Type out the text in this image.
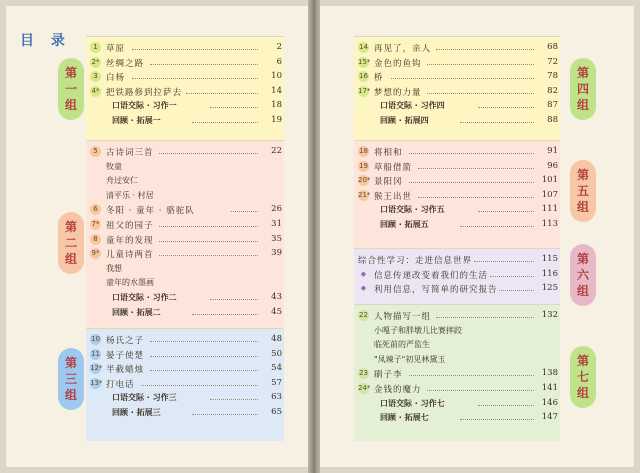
目 录	1 草原	2
2* 丝绸之路	6
3 白杨	10
4* 把铁路修到拉萨去	14
口语交际 · 习作一	18
回顾 · 拓展一	19
第
一
组
5 古诗词三首	22
牧童
舟过安仁
清平乐 · 村居
6 冬阳 · 童年 · 骆驼队	26
7* 祖父的园子	31
8 童年的发现	35
9* 儿童诗两首	39
我想
童年的水墨画
口语交际 · 习作二	43
回顾 · 拓展二	45
第
二
组
10 杨氏之子	48
11 晏子使楚	50
12* 半截蜡烛	54
13* 打电话	57
口语交际 · 习作三	63
回顾 · 拓展三	65
第
三
组
14 再见了，亲人	68
15* 金色的鱼钩	72
16 桥	78
17* 梦想的力量	82
口语交际 · 习作四	87
回顾 · 拓展四	88
第
四
组
18 将相和	91
19 草船借箭	96
20* 景阳冈	101
21* 猴王出世	107
口语交际 · 习作五	111
回顾 · 拓展五	113
第
五
组
综合性学习：走进信息世界	115
◆ 信息传递改变着我们的生活	116
◆ 利用信息，写简单的研究报告	125
第
六
组
22 人物描写一组	132
小嘎子和胖墩儿比赛摔跤
临死前的严监生
"凤辣子"初见林黛玉
23 刷子李	138
24* 金钱的魔力	141
口语交际 · 习作七	146
回顾 · 拓展七	147
第
七
组
